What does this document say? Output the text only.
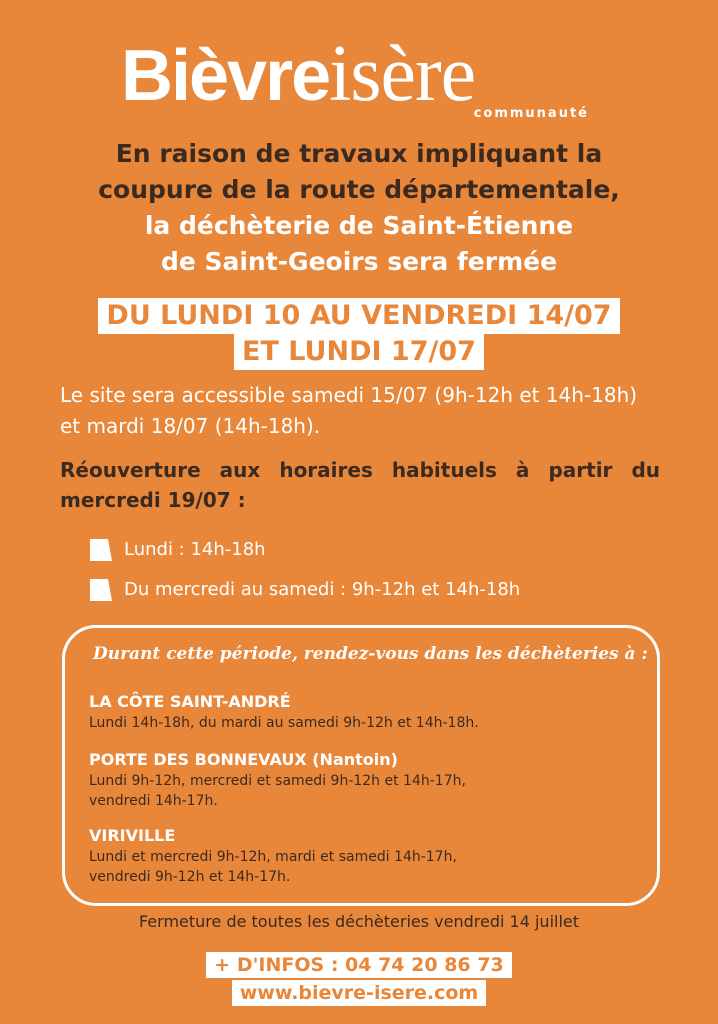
Bièvreisère
communauté
En raison de travaux impliquant la
coupure de la route départementale,
la déchèterie de Saint-Étienne
de Saint-Geoirs sera fermée
DU LUNDI 10 AU VENDREDI 14/07
ET LUNDI 17/07
Le site sera accessible samedi 15/07 (9h-12h et 14h-18h) et mardi 18/07 (14h-18h).
Réouverture aux horaires habituels à partir du mercredi 19/07 :
Lundi : 14h-18h
Du mercredi au samedi : 9h-12h et 14h-18h
Durant cette période, rendez-vous dans les déchèteries à :
LA CÔTE SAINT-ANDRÉ
Lundi 14h-18h, du mardi au samedi 9h-12h et 14h-18h.
PORTE DES BONNEVAUX (Nantoin)
Lundi 9h-12h, mercredi et samedi 9h-12h et 14h-17h,
vendredi 14h-17h.
VIRIVILLE
Lundi et mercredi 9h-12h, mardi et samedi 14h-17h,
vendredi 9h-12h et 14h-17h.
Fermeture de toutes les déchèteries vendredi 14 juillet
+ D'INFOS : 04 74 20 86 73
www.bievre-isere.com
